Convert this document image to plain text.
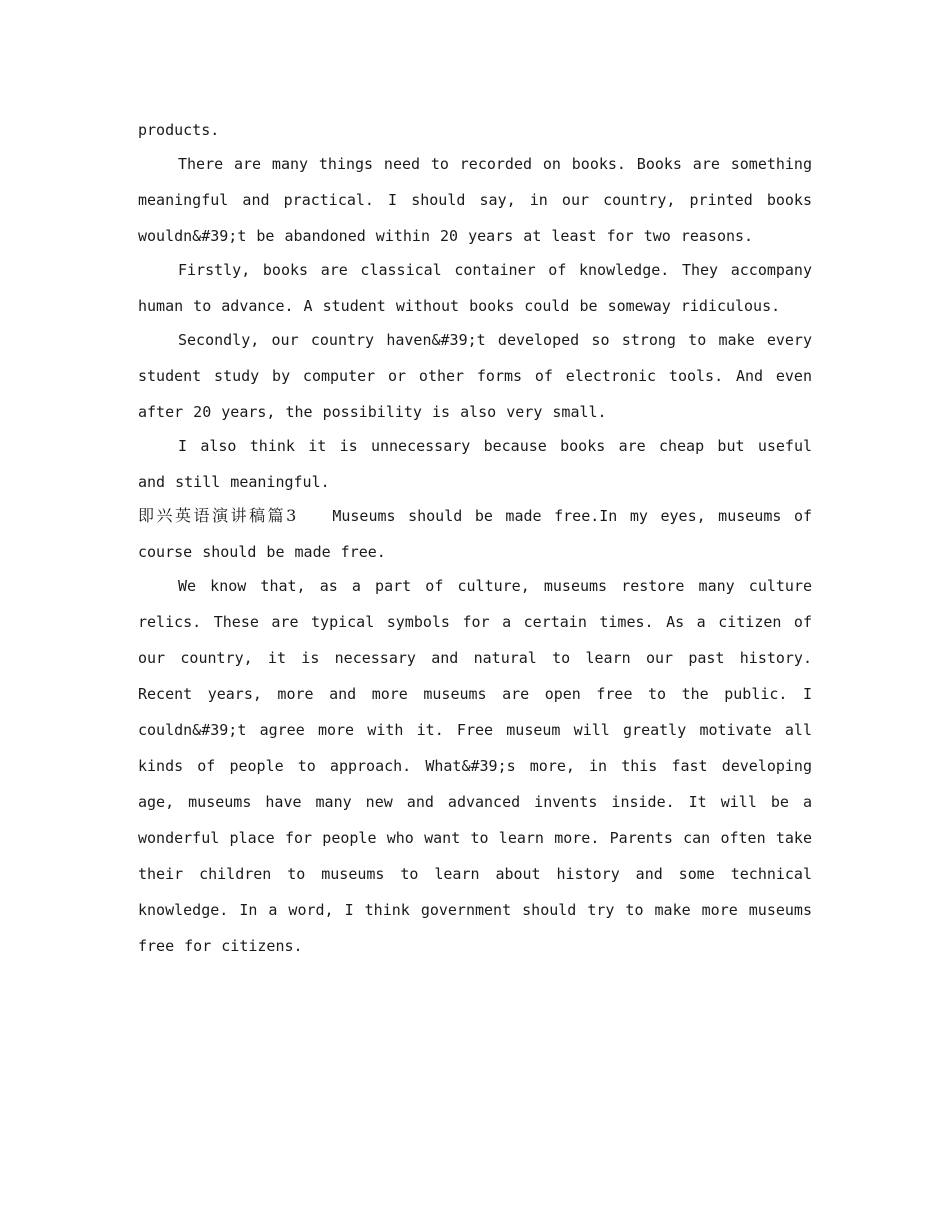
products.

There are many things need to recorded on books. Books are something meaningful and practical. I should say, in our country, printed books wouldn&#39;t be abandoned within 20 years at least for two reasons.

Firstly, books are classical container of knowledge. They accompany human to advance. A student without books could be someway ridiculous.

Secondly, our country haven&#39;t developed so strong to make every student study by computer or other forms of electronic tools. And even after 20 years, the possibility is also very small.

I also think it is unnecessary because books are cheap but useful and still meaningful.

即兴英语演讲稿篇3 Museums should be made free.In my eyes, museums of course should be made free.

We know that, as a part of culture, museums restore many culture relics. These are typical symbols for a certain times. As a citizen of our country, it is necessary and natural to learn our past history. Recent years, more and more museums are open free to the public. I couldn&#39;t agree more with it. Free museum will greatly motivate all kinds of people to approach. What&#39;s more, in this fast developing age, museums have many new and advanced invents inside. It will be a wonderful place for people who want to learn more. Parents can often take their children to museums to learn about history and some technical knowledge. In a word, I think government should try to make more museums free for citizens.
